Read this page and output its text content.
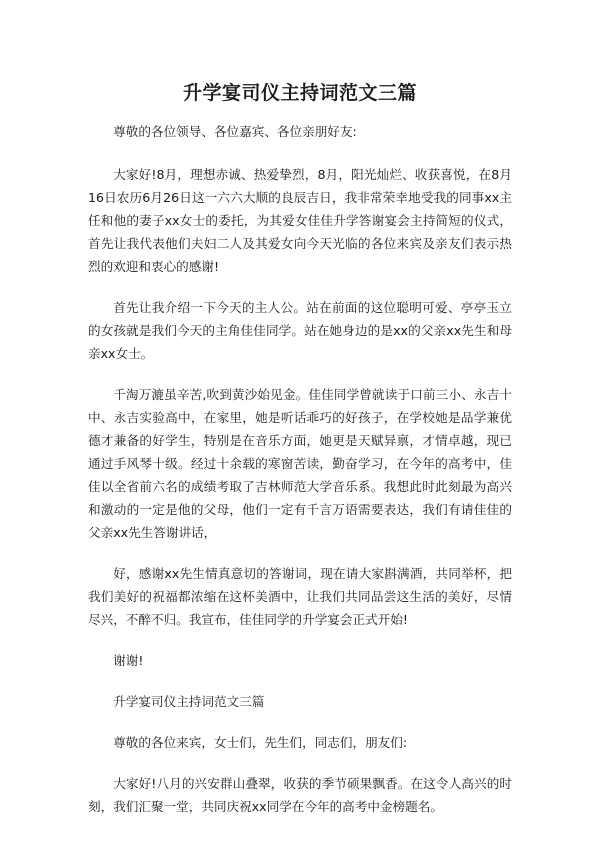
升学宴司仪主持词范文三篇

尊敬的各位领导、各位嘉宾、各位亲朋好友:

大家好!8月，理想赤诚、热爱挚烈，8月，阳光灿烂、收获喜悦，在8月16日农历6月26日这一六六大顺的良辰吉日，我非常荣幸地受我的同事xx主任和他的妻子xx女士的委托，为其爱女佳佳升学答谢宴会主持简短的仪式，首先让我代表他们夫妇二人及其爱女向今天光临的各位来宾及亲友们表示热烈的欢迎和衷心的感谢!

首先让我介绍一下今天的主人公。站在前面的这位聪明可爱、亭亭玉立的女孩就是我们今天的主角佳佳同学。站在她身边的是xx的父亲xx先生和母亲xx女士。

千淘万漉虽辛苦,吹到黄沙始见金。佳佳同学曾就读于口前三小、永吉十中、永吉实验高中，在家里，她是听话乖巧的好孩子，在学校她是品学兼优德才兼备的好学生，特别是在音乐方面，她更是天赋异禀，才情卓越，现已通过手风琴十级。经过十余载的寒窗苦读，勤奋学习，在今年的高考中，佳佳以全省前六名的成绩考取了吉林师范大学音乐系。我想此时此刻最为高兴和激动的一定是他的父母，他们一定有千言万语需要表达，我们有请佳佳的父亲xx先生答谢讲话，

好，感谢xx先生情真意切的答谢词，现在请大家斟满酒，共同举杯，把我们美好的祝福都浓缩在这杯美酒中，让我们共同品尝这生活的美好，尽情尽兴，不醉不归。我宣布，佳佳同学的升学宴会正式开始!

谢谢!

升学宴司仪主持词范文三篇

尊敬的各位来宾，女士们，先生们，同志们，朋友们:

大家好!八月的兴安群山叠翠，收获的季节硕果飘香。在这令人高兴的时刻，我们汇聚一堂，共同庆祝xx同学在今年的高考中金榜题名。
